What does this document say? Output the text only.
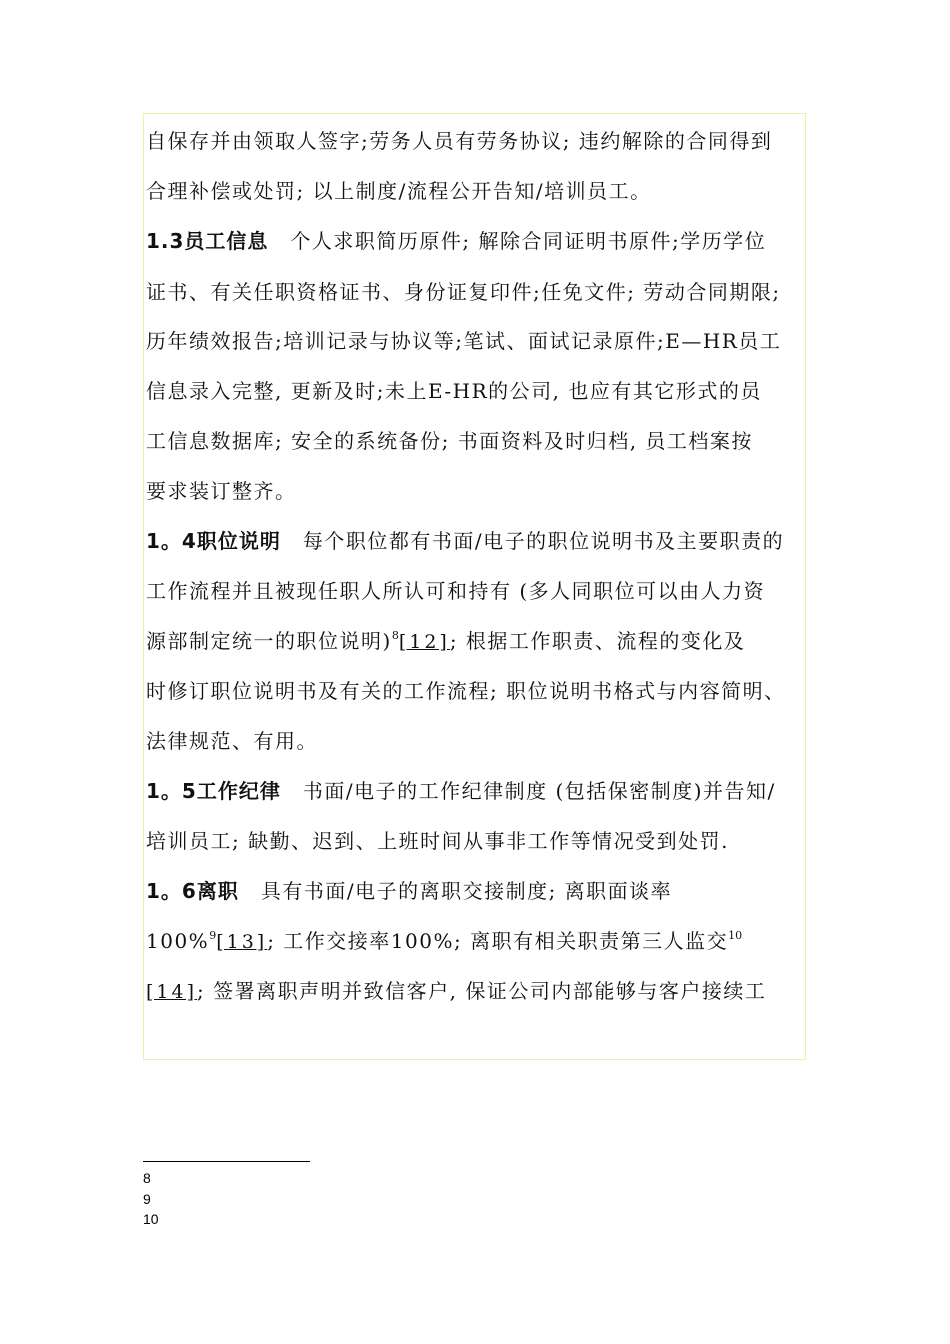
自保存并由领取人签字;劳务人员有劳务协议; 违约解除的合同得到
合理补偿或处罚; 以上制度/流程公开告知/培训员工。
1.3员工信息 个人求职简历原件; 解除合同证明书原件;学历学位
证书、有关任职资格证书、身份证复印件;任免文件; 劳动合同期限;
历年绩效报告;培训记录与协议等;笔试、面试记录原件;E—HR员工
信息录入完整, 更新及时;未上E-HR的公司, 也应有其它形式的员
工信息数据库; 安全的系统备份; 书面资料及时归档, 员工档案按
要求装订整齐。
1。4职位说明 每个职位都有书面/电子的职位说明书及主要职责的
工作流程并且被现任职人所认可和持有 (多人同职位可以由人力资
源部制定统一的职位说明)$^8$[12]; 根据工作职责、流程的变化及
时修订职位说明书及有关的工作流程; 职位说明书格式与内容简明、
法律规范、有用。
1。5工作纪律 书面/电子的工作纪律制度 (包括保密制度)并告知/
培训员工; 缺勤、迟到、上班时间从事非工作等情况受到处罚.
1。6离职 具有书面/电子的离职交接制度; 离职面谈率
100%$^9$[13]; 工作交接率100%; 离职有相关职责第三人监交$^{10}$
[14]; 签署离职声明并致信客户, 保证公司内部能够与客户接续工
8
9
10
